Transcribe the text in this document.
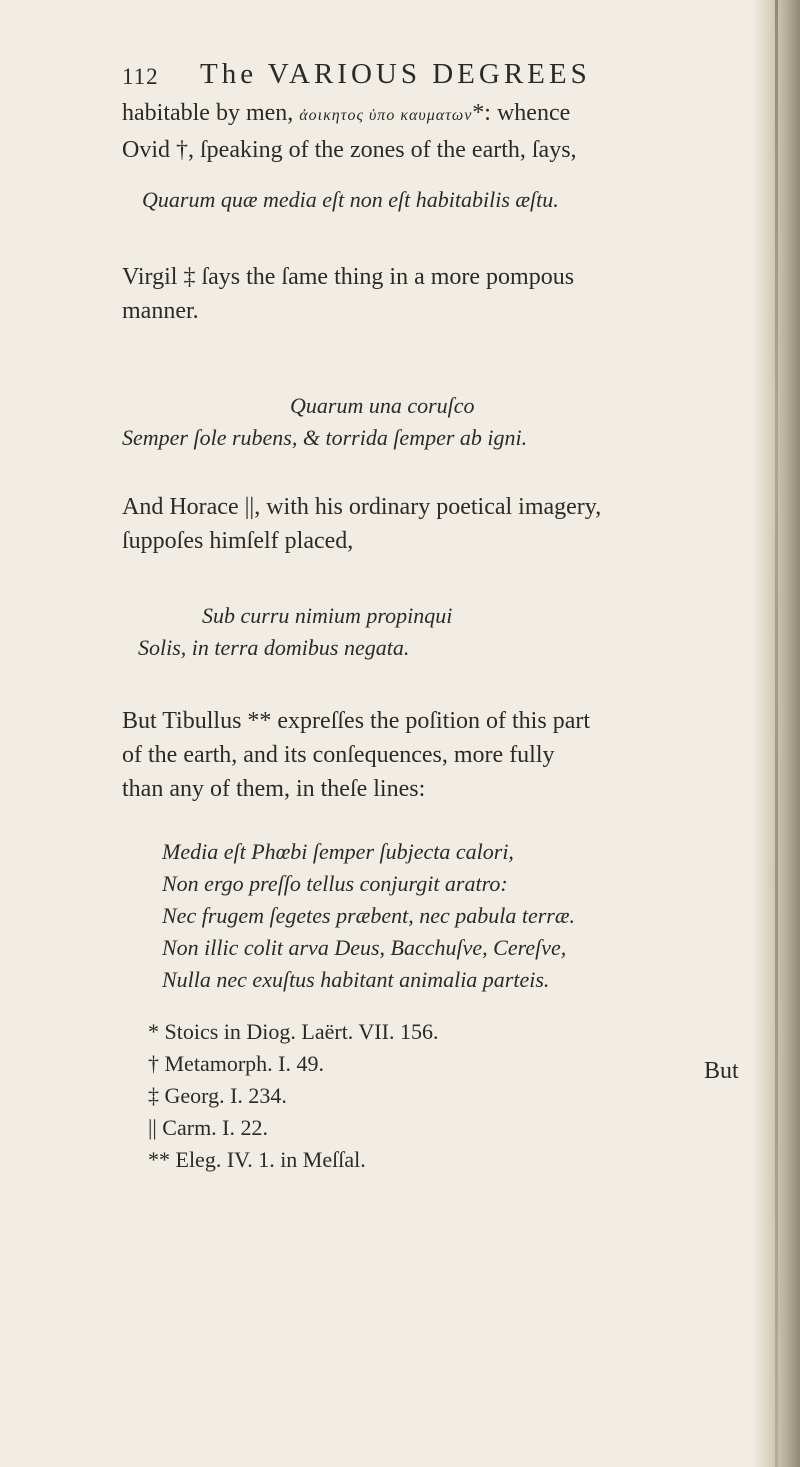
112 The VARIOUS DEGREES
habitable by men, ἀοικητος ὑπο καυματων*: whence
Ovid †, ſpeaking of the zones of the earth, ſays,
Quarum quæ media eſt non eſt habitabilis æſtu.
Virgil ‡ ſays the ſame thing in a more pompous
manner.
Quarum una coruſco
Semper ſole rubens, & torrida ſemper ab igni.
And Horace ||, with his ordinary poetical imagery,
ſuppoſes himſelf placed,
Sub curru nimium propinqui
Solis, in terra domibus negata.
But Tibullus ** expreſſes the poſition of this part
of the earth, and its conſequences, more fully
than any of them, in theſe lines:
Media eſt Phœbi ſemper ſubjecta calori,
Non ergo preſſo tellus conjurgit aratro:
Nec frugem ſegetes præbent, nec pabula terræ.
Non illic colit arva Deus, Bacchuſve, Cereſve,
Nulla nec exuſtus habitant animalia parteis.
* Stoics in Diog. Laërt. VII. 156.
† Metamorph. I. 49.
‡ Georg. I. 234.
|| Carm. I. 22.
** Eleg. IV. 1. in Meſſal.
But
